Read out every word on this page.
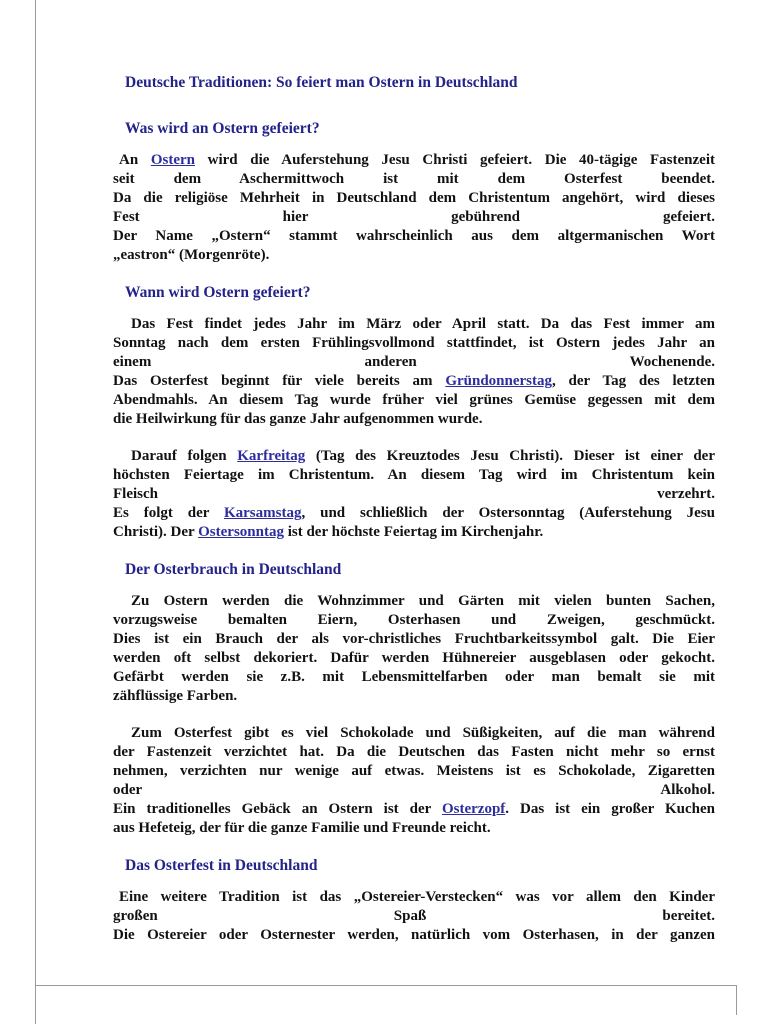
Deutsche Traditionen: So feiert man Ostern in Deutschland
Was wird an Ostern gefeiert?
An Ostern wird die Auferstehung Jesu Christi gefeiert. Die 40-tägige Fastenzeit
seit dem Aschermittwoch ist mit dem Osterfest beendet.
Da die religiöse Mehrheit in Deutschland dem Christentum angehört, wird dieses
Fest hier gebührend gefeiert.
Der Name „Ostern“ stammt wahrscheinlich aus dem altgermanischen Wort
„eastron“ (Morgenröte).
Wann wird Ostern gefeiert?
Das Fest findet jedes Jahr im März oder April statt. Da das Fest immer am
Sonntag nach dem ersten Frühlingsvollmond stattfindet, ist Ostern jedes Jahr an
einem anderen Wochenende.
Das Osterfest beginnt für viele bereits am Gründonnerstag, der Tag des letzten
Abendmahls. An diesem Tag wurde früher viel grünes Gemüse gegessen mit dem
die Heilwirkung für das ganze Jahr aufgenommen wurde.
Darauf folgen Karfreitag (Tag des Kreuztodes Jesu Christi). Dieser ist einer der
höchsten Feiertage im Christentum. An diesem Tag wird im Christentum kein
Fleisch verzehrt.
Es folgt der Karsamstag, und schließlich der Ostersonntag (Auferstehung Jesu
Christi). Der Ostersonntag ist der höchste Feiertag im Kirchenjahr.
Der Osterbrauch in Deutschland
Zu Ostern werden die Wohnzimmer und Gärten mit vielen bunten Sachen,
vorzugsweise bemalten Eiern, Osterhasen und Zweigen, geschmückt.
Dies ist ein Brauch der als vor-christliches Fruchtbarkeitssymbol galt. Die Eier
werden oft selbst dekoriert. Dafür werden Hühnereier ausgeblasen oder gekocht.
Gefärbt werden sie z.B. mit Lebensmittelfarben oder man bemalt sie mit
zähflüssige Farben.
Zum Osterfest gibt es viel Schokolade und Süßigkeiten, auf die man während
der Fastenzeit verzichtet hat. Da die Deutschen das Fasten nicht mehr so ernst
nehmen, verzichten nur wenige auf etwas. Meistens ist es Schokolade, Zigaretten
oder Alkohol.
Ein traditionelles Gebäck an Ostern ist der Osterzopf. Das ist ein großer Kuchen
aus Hefeteig, der für die ganze Familie und Freunde reicht.
Das Osterfest in Deutschland
Eine weitere Tradition ist das „Ostereier-Verstecken“ was vor allem den Kinder
großen Spaß bereitet.
Die Ostereier oder Osternester werden, natürlich vom Osterhasen, in der ganzen
